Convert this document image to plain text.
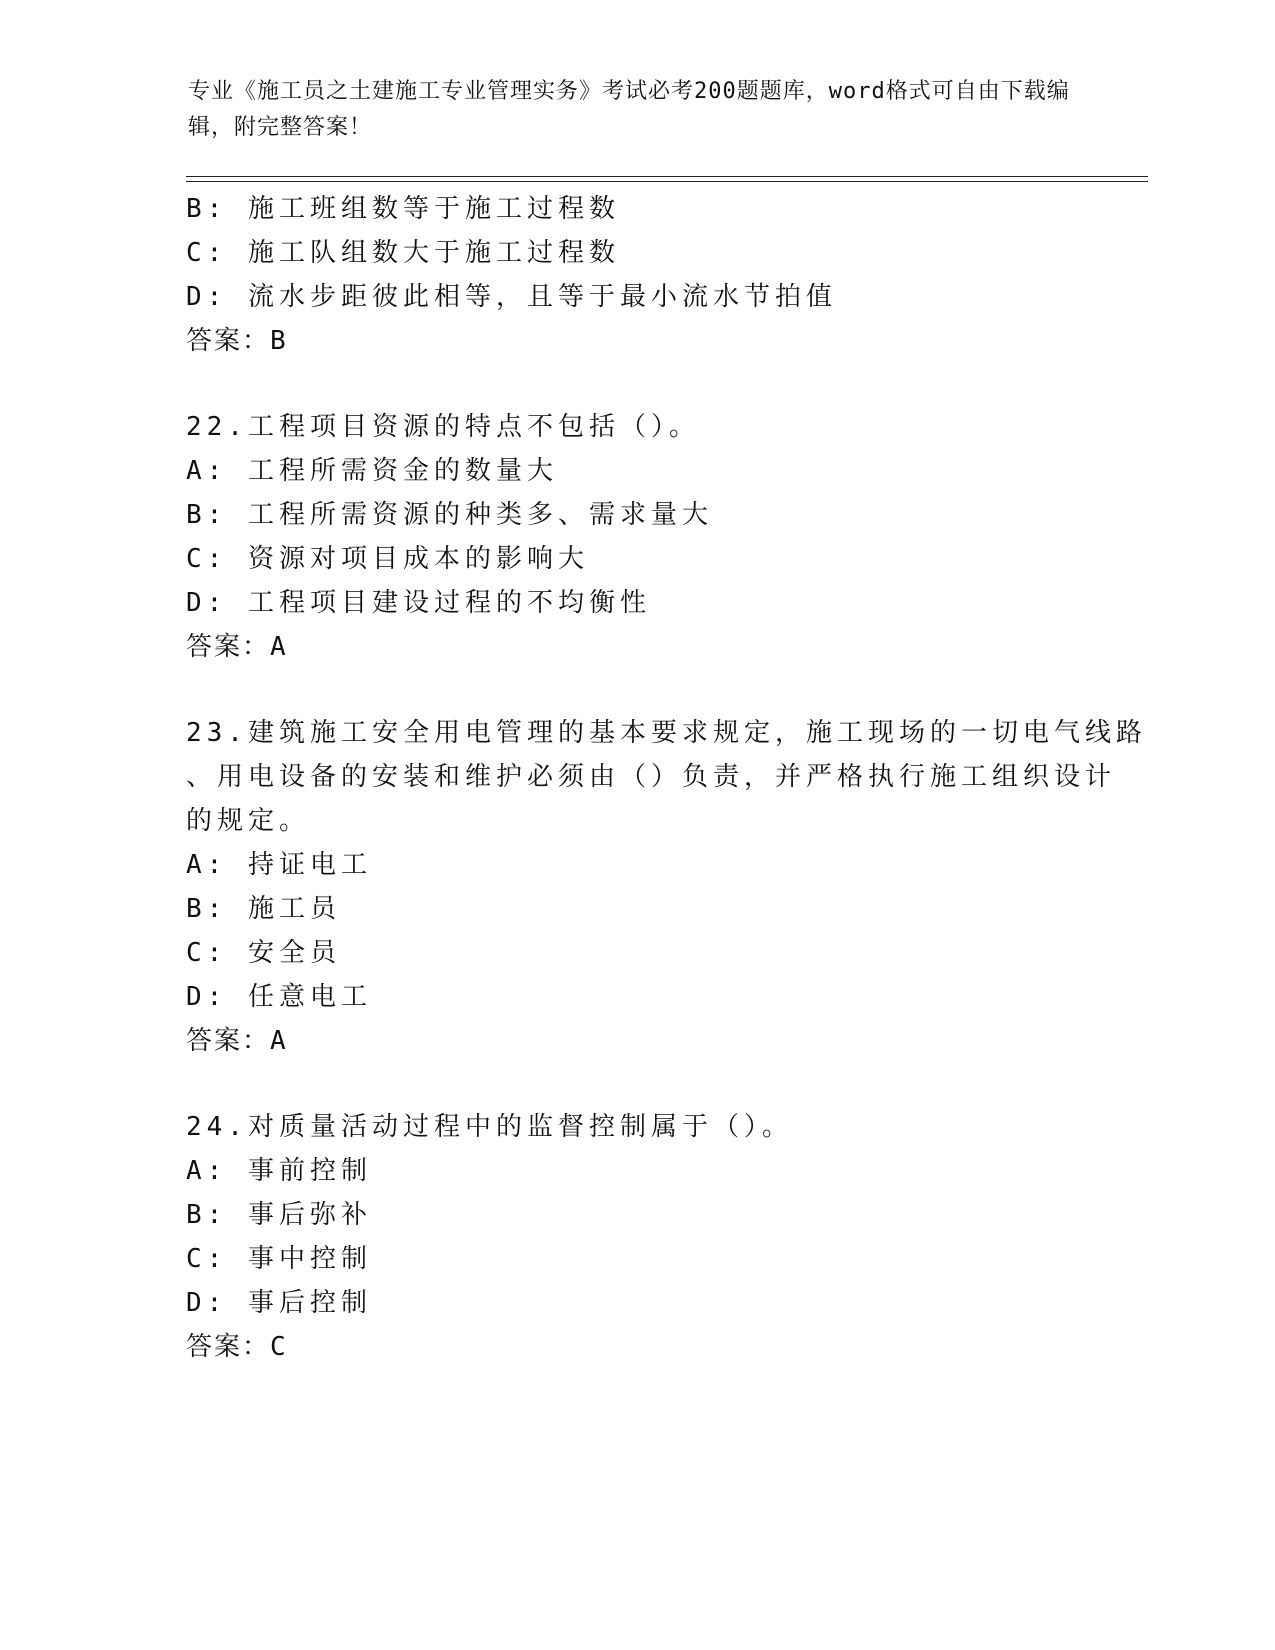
专业《施工员之土建施工专业管理实务》考试必考200题题库，word格式可自由下载编辑，附完整答案！

B: 施工班组数等于施工过程数

C: 施工队组数大于施工过程数

D: 流水步距彼此相等，且等于最小流水节拍值

答案：B

22.工程项目资源的特点不包括（）。

A: 工程所需资金的数量大

B: 工程所需资源的种类多、需求量大

C: 资源对项目成本的影响大

D: 工程项目建设过程的不均衡性

答案：A

23.建筑施工安全用电管理的基本要求规定，施工现场的一切电气线路

、用电设备的安装和维护必须由（）负责，并严格执行施工组织设计

的规定。

A: 持证电工

B: 施工员

C: 安全员

D: 任意电工

答案：A

24.对质量活动过程中的监督控制属于（）。

A: 事前控制

B: 事后弥补

C: 事中控制

D: 事后控制

答案：C
